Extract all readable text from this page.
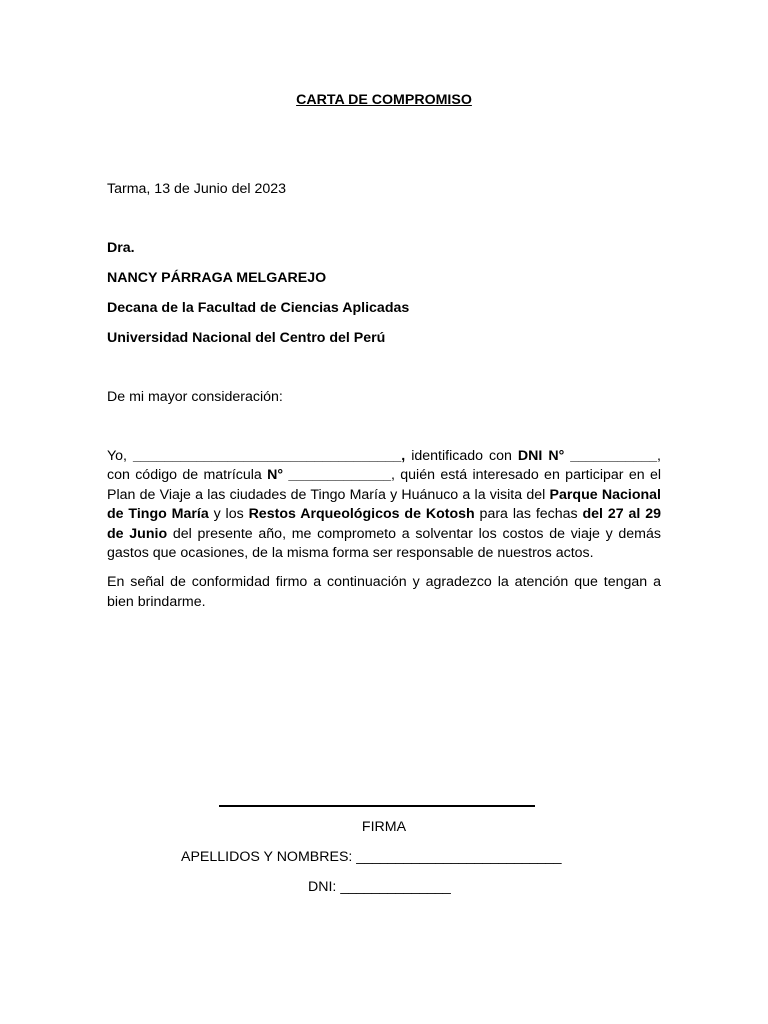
CARTA DE COMPROMISO
Tarma, 13 de Junio del 2023
Dra.
NANCY PÁRRAGA MELGAREJO
Decana de la Facultad de Ciencias Aplicadas
Universidad Nacional del Centro del Perú
De mi mayor consideración:

Yo, __________________________________, identificado con DNI N° ___________, con código de matrícula N° _____________, quién está interesado en participar en el Plan de Viaje a las ciudades de Tingo María y Huánuco a la visita del Parque Nacional de Tingo María y los Restos Arqueológicos de Kotosh para las fechas del 27 al 29 de Junio del presente año, me comprometo a solventar los costos de viaje y demás gastos que ocasiones, de la misma forma ser responsable de nuestros actos.

En señal de conformidad firmo a continuación y agradezco la atención que tengan a bien brindarme.

FIRMA
APELLIDOS Y NOMBRES: __________________________
DNI: ______________
